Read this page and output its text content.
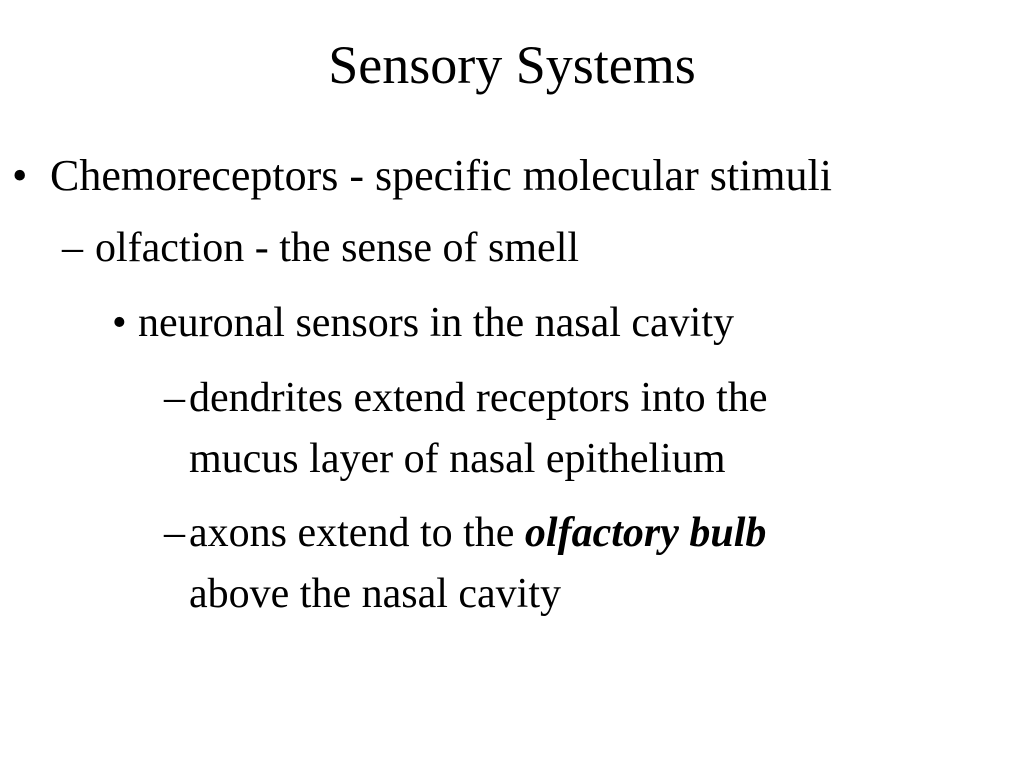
Sensory Systems
• Chemoreceptors - specific molecular stimuli
– olfaction - the sense of smell
• neuronal sensors in the nasal cavity
– dendrites extend receptors into the
mucus layer of nasal epithelium
– axons extend to the olfactory bulb
above the nasal cavity
